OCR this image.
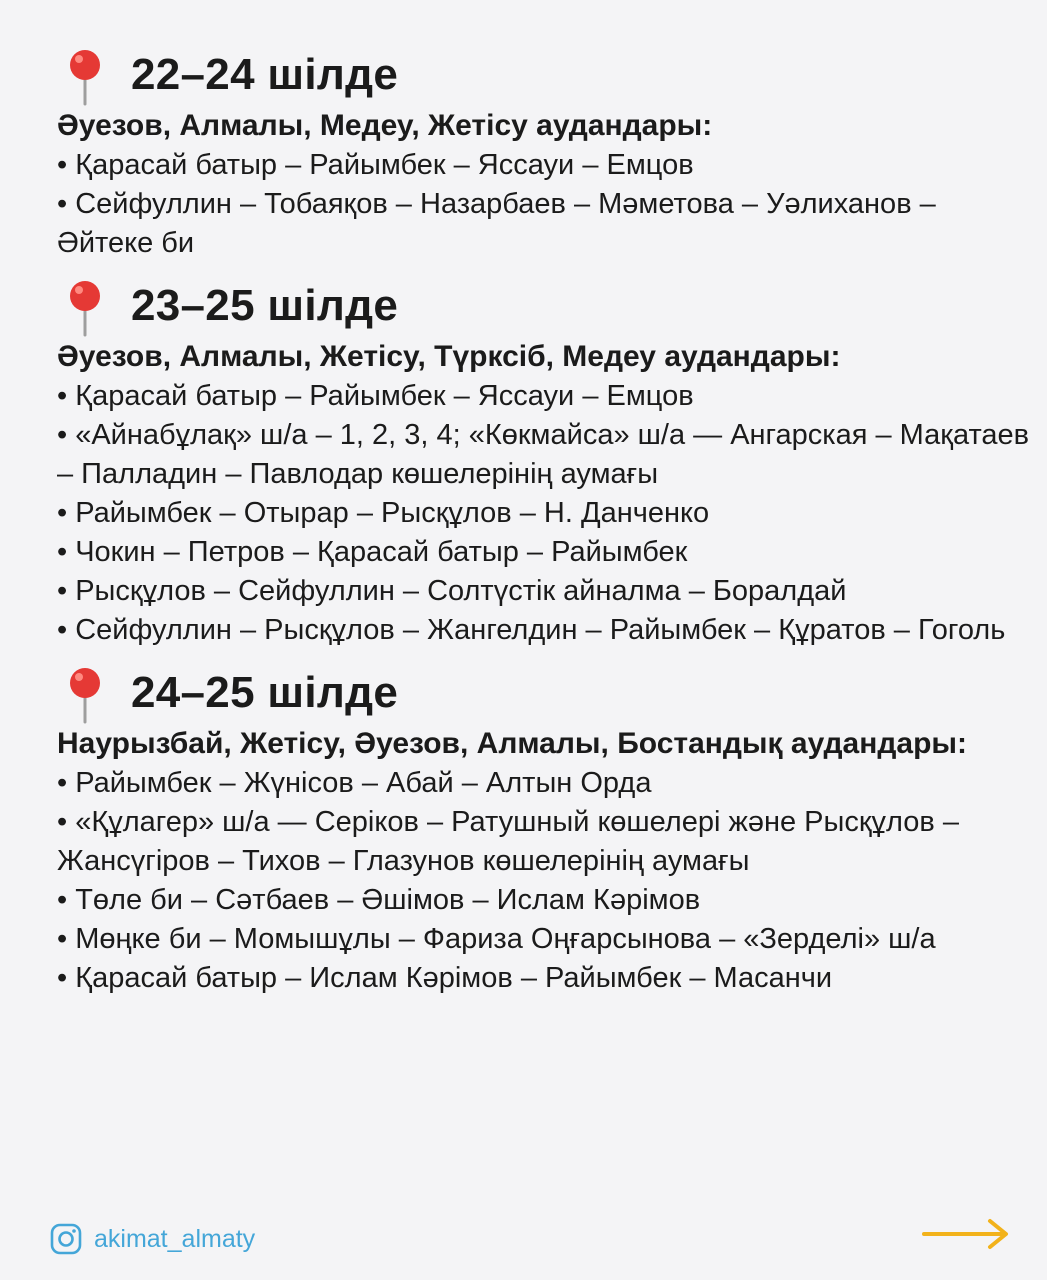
22–24 шілде

Әуезов, Алмалы, Медеу, Жетісу аудандары:

• Қарасай батыр – Райымбек – Яссауи – Емцов

• Сейфуллин – Тобаяқов – Назарбаев – Мәметова – Уәлиханов – Әйтеке би

23–25 шілде

Әуезов, Алмалы, Жетісу, Түрксіб, Медеу аудандары:

• Қарасай батыр – Райымбек – Яссауи – Емцов

• «Айнабұлақ» ш/а – 1, 2, 3, 4; «Көкмайса» ш/а — Ангарская – Мақатаев – Палладин – Павлодар көшелерінің аумағы

• Райымбек – Отырар – Рысқұлов – Н. Данченко

• Чокин – Петров – Қарасай батыр – Райымбек

• Рысқұлов – Сейфуллин – Солтүстік айналма – Боралдай

• Сейфуллин – Рысқұлов – Жангелдин – Райымбек – Құратов – Гоголь

24–25 шілде

Наурызбай, Жетісу, Әуезов, Алмалы, Бостандық аудандары:

• Райымбек – Жүнісов – Абай – Алтын Орда

• «Құлагер» ш/а — Серіков – Ратушный көшелері және Рысқұлов – Жансүгіров – Тихов – Глазунов көшелерінің аумағы

• Төле би – Сәтбаев – Әшімов – Ислам Кәрімов

• Мөңке би – Момышұлы – Фариза Оңғарсынова – «Зерделі» ш/а

• Қарасай батыр – Ислам Кәрімов – Райымбек – Масанчи

akimat_almaty
